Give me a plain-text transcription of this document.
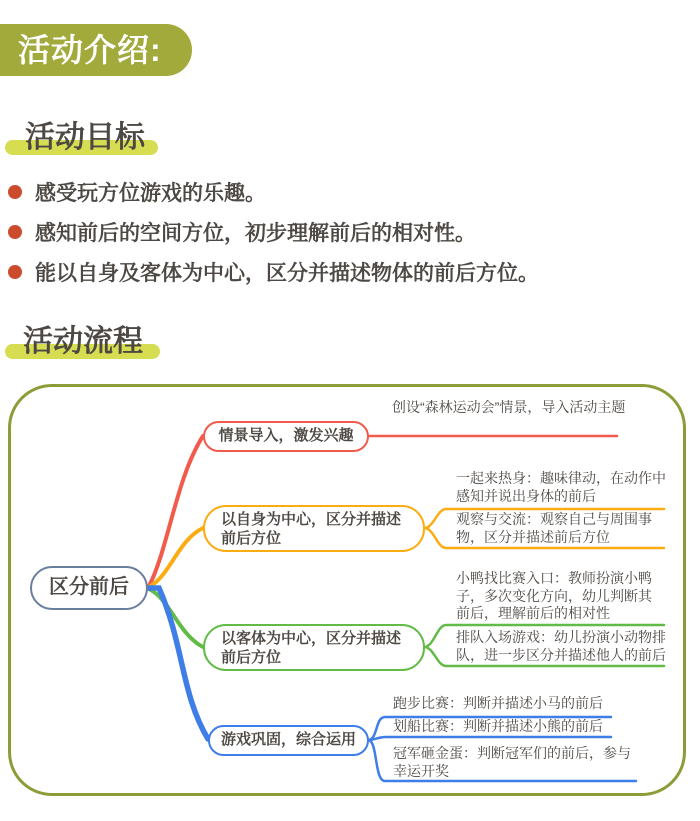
活动介绍:
活动目标
感受玩方位游戏的乐趣。
感知前后的空间方位，初步理解前后的相对性。
能以自身及客体为中心，区分并描述物体的前后方位。
活动流程
区分前后
情景导入，激发兴趣
以自身为中心，区分并描述前后方位
以客体为中心，区分并描述前后方位
游戏巩固，综合运用
创设“森林运动会”情景，导入活动主题
一起来热身：趣味律动，在动作中感知并说出身体的前后
观察与交流：观察自己与周围事物，区分并描述前后方位
小鸭找比赛入口：教师扮演小鸭子，多次变化方向，幼儿判断其前后，理解前后的相对性
排队入场游戏：幼儿扮演小动物排队，进一步区分并描述他人的前后
跑步比赛：判断并描述小马的前后
划船比赛：判断并描述小熊的前后
冠军砸金蛋：判断冠军们的前后，参与幸运开奖
